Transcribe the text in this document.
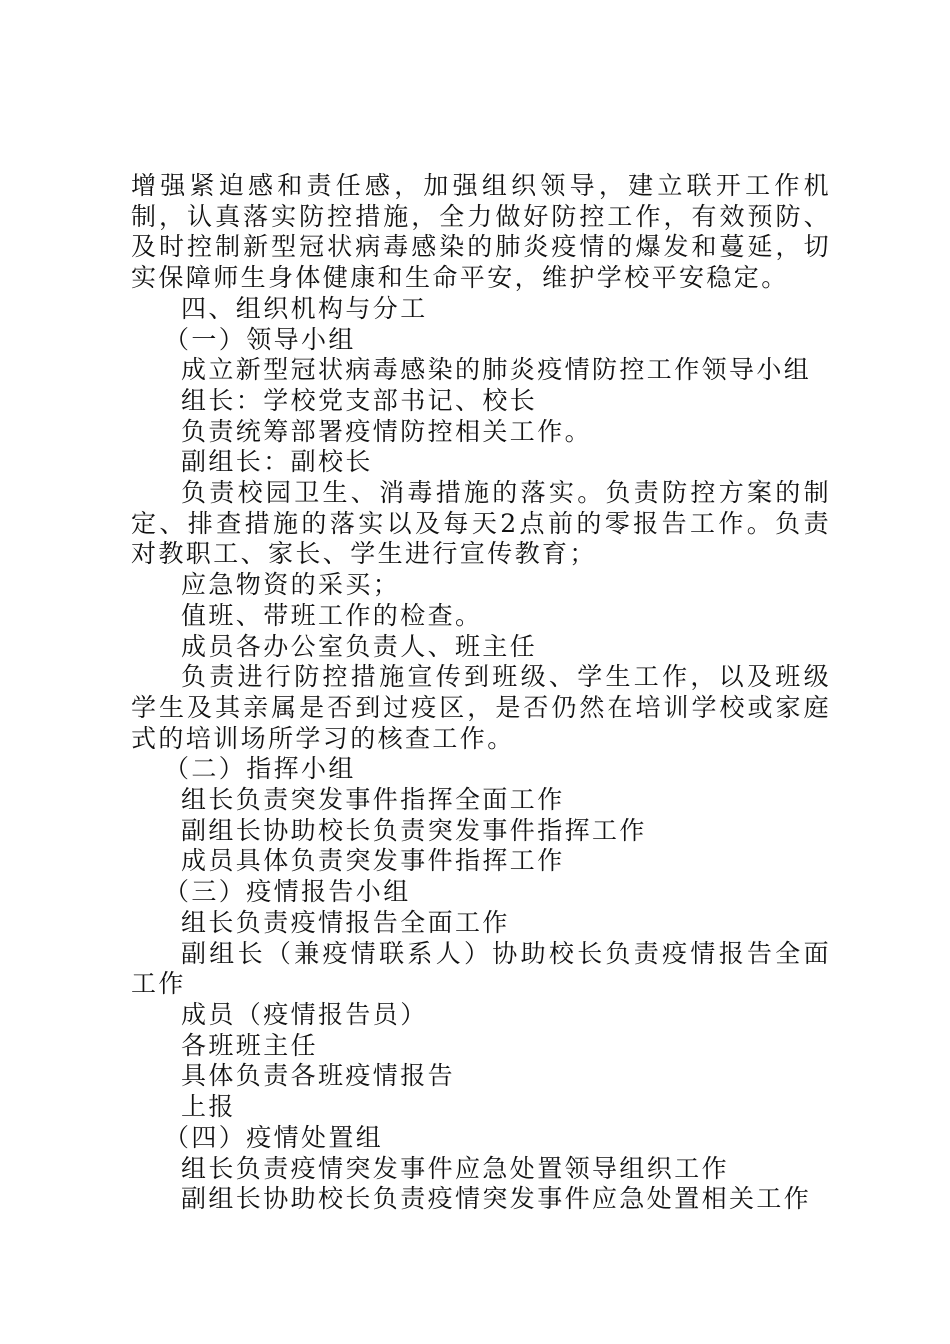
增强紧迫感和责任感，加强组织领导，建立联开工作机制，认真落实防控措施，全力做好防控工作，有效预防、及时控制新型冠状病毒感染的肺炎疫情的爆发和蔓延，切实保障师生身体健康和生命平安，维护学校平安稳定。

四、组织机构与分工

（一）领导小组

成立新型冠状病毒感染的肺炎疫情防控工作领导小组

组长：学校党支部书记、校长

负责统筹部署疫情防控相关工作。

副组长：副校长

负责校园卫生、消毒措施的落实。负责防控方案的制定、排查措施的落实以及每天2点前的零报告工作。负责对教职工、家长、学生进行宣传教育；

应急物资的采买；

值班、带班工作的检查。

成员各办公室负责人、班主任

负责进行防控措施宣传到班级、学生工作，以及班级学生及其亲属是否到过疫区，是否仍然在培训学校或家庭式的培训场所学习的核查工作。

（二）指挥小组

组长负责突发事件指挥全面工作

副组长协助校长负责突发事件指挥工作

成员具体负责突发事件指挥工作

（三）疫情报告小组

组长负责疫情报告全面工作

副组长（兼疫情联系人）协助校长负责疫情报告全面工作

成员（疫情报告员）

各班班主任

具体负责各班疫情报告

上报

（四）疫情处置组

组长负责疫情突发事件应急处置领导组织工作

副组长协助校长负责疫情突发事件应急处置相关工作
